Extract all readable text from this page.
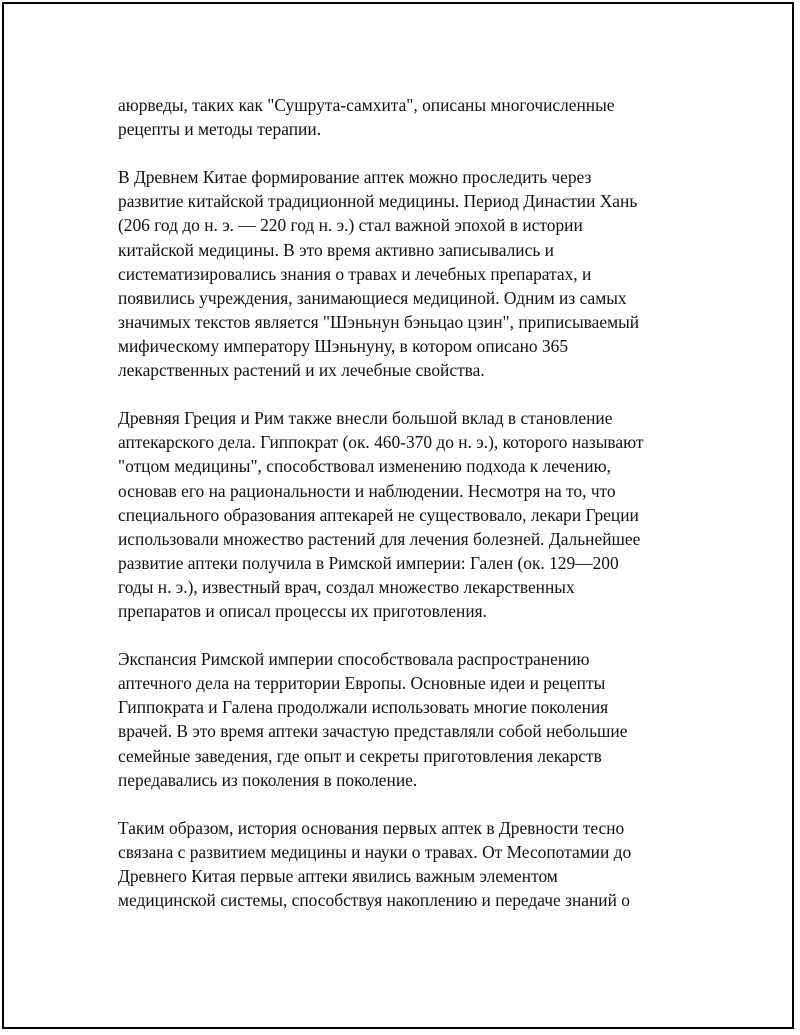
аюрведы, таких как "Сушрута-самхита", описаны многочисленные
рецепты и методы терапии.
В Древнем Китае формирование аптек можно проследить через
развитие китайской традиционной медицины. Период Династии Хань
(206 год до н. э. — 220 год н. э.) стал важной эпохой в истории
китайской медицины. В это время активно записывались и
систематизировались знания о травах и лечебных препаратах, и
появились учреждения, занимающиеся медициной. Одним из самых
значимых текстов является "Шэньнун бэньцао цзин", приписываемый
мифическому императору Шэньнуну, в котором описано 365
лекарственных растений и их лечебные свойства.
Древняя Греция и Рим также внесли большой вклад в становление
аптекарского дела. Гиппократ (ок. 460-370 до н. э.), которого называют
"отцом медицины", способствовал изменению подхода к лечению,
основав его на рациональности и наблюдении. Несмотря на то, что
специального образования аптекарей не существовало, лекари Греции
использовали множество растений для лечения болезней. Дальнейшее
развитие аптеки получила в Римской империи: Гален (ок. 129—200
годы н. э.), известный врач, создал множество лекарственных
препаратов и описал процессы их приготовления.
Экспансия Римской империи способствовала распространению
аптечного дела на территории Европы. Основные идеи и рецепты
Гиппократа и Галена продолжали использовать многие поколения
врачей. В это время аптеки зачастую представляли собой небольшие
семейные заведения, где опыт и секреты приготовления лекарств
передавались из поколения в поколение.
Таким образом, история основания первых аптек в Древности тесно
связана с развитием медицины и науки о травах. От Месопотамии до
Древнего Китая первые аптеки явились важным элементом
медицинской системы, способствуя накоплению и передаче знаний о
